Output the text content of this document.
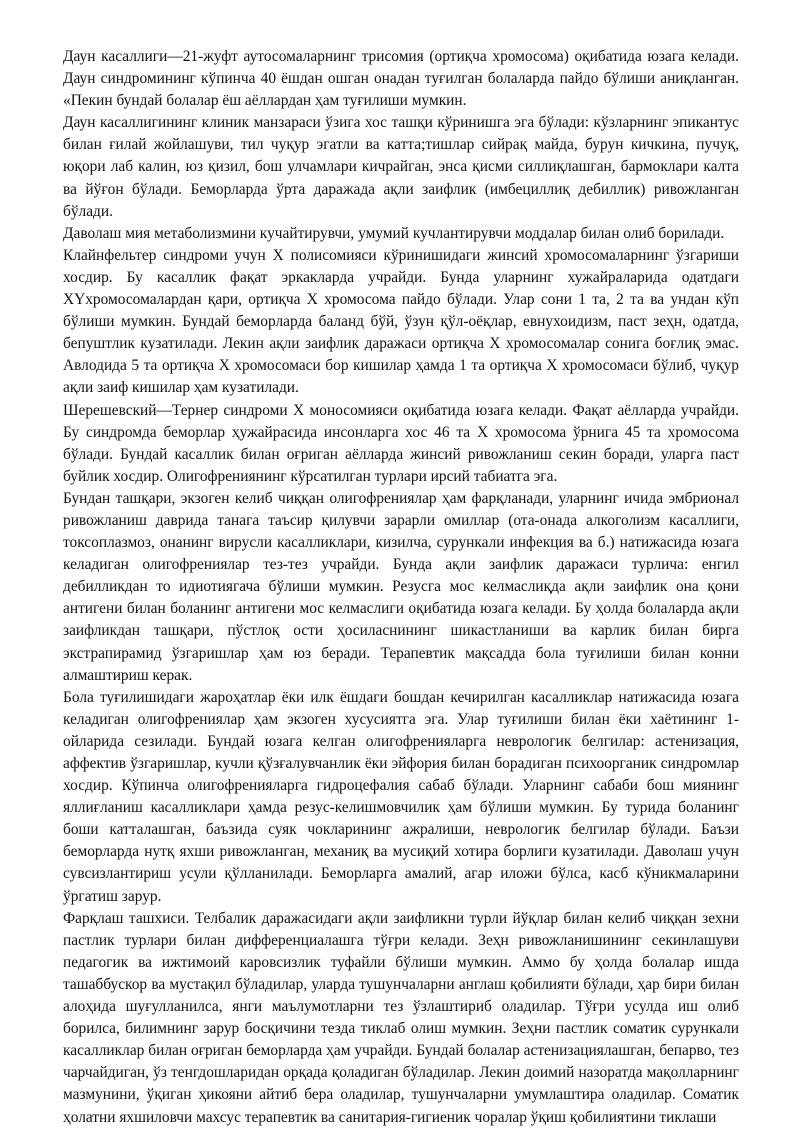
Даун касаллиги—21-жуфт аутосомаларнинг трисомия (ортиқча хромосома) оқибатида юзага келади. Даун синдромининг кўпинча 40 ёшдан ошган онадан туғилган болаларда пайдо бўлиши аниқланган. «Пекин бундай болалар ёш аёллардан ҳам туғилиши мумкин.

Даун касаллигининг клиник манзараси ўзига хос ташқи кўринишга эга бўлади: кўзларнинг эпикантус билан ғилай жойлашуви, тил чуқур эгатли ва катта;тишлар сийрақ майда, бурун кичкина, пучуқ, юқори лаб калин, юз қизил, бош улчамлари кичрайган, энса қисми силлиқлашган, бармоклари калта ва йўғон бўлади. Беморларда ўрта даражада ақли заифлик (имбециллиқ дебиллик) ривожланган бўлади.

Даволаш мия метаболизмини кучайтирувчи, умумий кучлантирувчи моддалар билан олиб борилади.

Клайнфельтер синдроми учун X полисомияси кўринишидаги жинсий хромосомаларнинг ўзгариши хосдир. Бу касаллик фақат эркакларда учрайди. Бунда уларнинг хужайраларида одатдаги XYхромосомалардан қари, ортиқча X хромосома пайдо бўлади. Улар сони 1 та, 2 та ва ундан кўп бўлиши мумкин. Бундай беморларда баланд бўй, ўзун қўл-оёқлар, евнухоидизм, паст зеҳн, одатда, бепуштлик кузатилади. Лекин ақли заифлик даражаси ортиқча X хромосомалар сонига боғлиқ эмас. Авлодида 5 та ортиқча X хромосомаси бор кишилар ҳамда 1 та ортиқча X хромосомаси бўлиб, чуқур ақли заиф кишилар ҳам кузатилади.

Шерешевский—Тернер синдроми X моносомияси оқибатида юзага келади. Фақат аёлларда учрайди. Бу синдромда беморлар ҳужайрасида инсонларга хос 46 та X хромосома ўрнига 45 та хромосома бўлади. Бундай касаллик билан оғриган аёлларда жинсий ривожланиш секин боради, уларга паст буйлик хосдир. Олигофрениянинг кўрсатилган турлари ирсий табиатга эга.

Бундан ташқари, экзоген келиб чиққан олигофрениялар ҳам фарқланади, уларнинг ичида эмбрионал ривожланиш даврида танага таъсир қилувчи зарарли омиллар (ота-онада алкоголизм касаллиги, токсоплазмоз, онанинг вирусли касалликлари, кизилча, сурункали инфекция ва б.) натижасида юзага келадиган олигофрениялар тез-тез учрайди. Бунда ақли заифлик даражаси турлича: енгил дебилликдан то идиотиягача бўлиши мумкин. Резусга мос келмаслиқда ақли заифлик она қони антигени билан боланинг антигени мос келмаслиги оқибатида юзага келади. Бу ҳолда болаларда ақли заифликдан ташқари, пўстлоқ ости ҳосиласнининг шикастланиши ва карлик билан бирга экстрапирамид ўзгаришлар ҳам юз беради. Терапевтик мақсадда бола туғилиши билан конни алмаштириш керак.

Бола туғилишидаги жароҳатлар ёки илк ёшдаги бошдан кечирилган касалликлар натижасида юзага келадиган олигофрениялар ҳам экзоген хусусиятга эга. Улар туғилиши билан ёки хаётининг 1-ойларида сезилади. Бундай юзага келган олигофренияларга неврологик белгилар: астенизация, аффектив ўзгаришлар, кучли қўзғалувчанлик ёки эйфория билан борадиган психоорганик синдромлар хосдир. Кўпинча олигофренияларга гидроцефалия сабаб бўлади. Уларнинг сабаби бош миянинг яллиғланиш касалликлари ҳамда резус-келишмовчилик ҳам бўлиши мумкин. Бу турида боланинг боши катталашган, баъзида суяк чокларининг ажралиши, неврологик белгилар бўлади. Баъзи беморларда нутқ яхши ривожланган, механиқ ва мусиқий хотира борлиги кузатилади. Даволаш учун сувсизлантириш усули қўлланилади. Беморларга амалий, агар иложи бўлса, касб кўникмаларини ўргатиш зарур.

Фарқлаш ташхиси. Телбалик даражасидаги ақли заифликни турли йўқлар билан келиб чиққан зехни пастлик турлари билан дифференциалашга тўғри келади. Зеҳн ривожланишининг секинлашуви педагогик ва ижтимоий каровсизлик туфайли бўлиши мумкин. Аммо бу ҳолда болалар ишда ташаббускор ва мустақил бўладилар, уларда тушунчаларни англаш қобилияти бўлади, ҳар бири билан алоҳида шуғулланилса, янги маълумотларни тез ўзлаштириб оладилар. Тўғри усулда иш олиб борилса, билимнинг зарур босқичини тезда тиклаб олиш мумкин. Зеҳни пастлик соматик сурункали касалликлар билан оғриган беморларда ҳам учрайди. Бундай болалар астенизациялашган, бепарво, тез чарчайдиган, ўз тенгдошларидан орқада қоладиган бўладилар. Лекин доимий назоратда мақолларнинг мазмунини, ўқиган ҳикояни айтиб бера оладилар, тушунчаларни умумлаштира оладилар. Соматик ҳолатни яхшиловчи махсус терапевтик ва санитария-гигиеник чоралар ўқиш қобилиятини тиклаши
